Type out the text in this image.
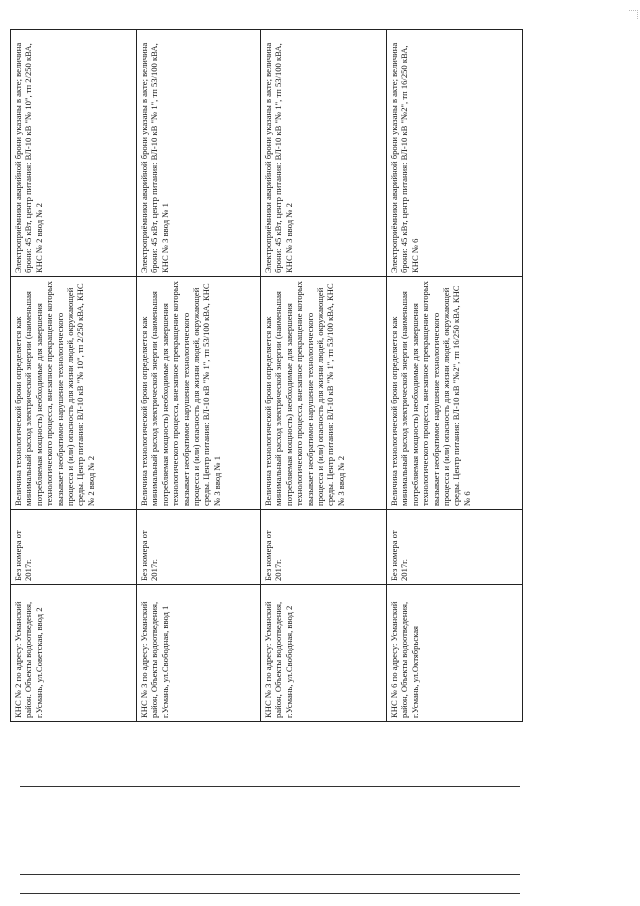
КНС № 2 по адресу: Усманский район. Объекты водоотведения, г.Усмань, ул.Советская, ввод 2	Без номера от 2017г.	Величина технологической брони определяется как минимальный расход электрической энергии (наименьшая потребляемая мощность) необходимые для завершения технологического процесса, внезапное прекращение которых вызывает необратимое нарушение технологического процесса и (или) опасность для жизни людей, окружающей среды. Центр питания: ВЛ-10 кВ "№ 10", тп 2/250 кВА, КНС № 2 ввод № 2	Электроприёмники аварийной брони указаны в акте; величина брони: 45 кВт, центр питания: ВЛ-10 кВ "№ 10", тп 2/250 кВА, КНС № 2 ввод № 2
КНС № 3 по адресу: Усманский район, Объекты водоотведения, г.Усмань, ул.Свободная, ввод 1	Без номера от 2017г.	Величина технологической брони определяется как минимальный расход электрической энергии (наименьшая потребляемая мощность) необходимые для завершения технологического процесса, внезапное прекращение которых вызывает необратимое нарушение технологического процесса и (или) опасность для жизни людей, окружающей среды. Центр питания: ВЛ-10 кВ "№ 1", тп 53/100 кВА, КНС № 3 ввод № 1	Электроприёмники аварийной брони указаны в акте; величина брони: 45 кВт, центр питания: ВЛ-10 кВ "№ 1", тп 53/100 кВА, КНС № 3 ввод № 1
КНС № 3 по адресу: Усманский район, Объекты водоотведения, г.Усмань, ул.Свободная, ввод 2	Без номера от 2017г.	Величина технологической брони определяется как минимальный расход электрической энергии (наименьшая потребляемая мощность) необходимые для завершения технологического процесса, внезапное прекращение которых вызывает необратимое нарушение технологического процесса и (или) опасность для жизни людей, окружающей среды. Центр питания: ВЛ-10 кВ "№ 1", тп 53/100 кВА, КНС № 3 ввод № 2	Электроприёмники аварийной брони указаны в акте; величина брони: 45 кВт, центр питания: ВЛ-10 кВ "№ 1", тп 53/100 кВА, КНС № 3 ввод № 2
КНС № 6 по адресу: Усманский район, Объекты водоотведения, г.Усмань, ул.Октябрьская	Без номера от 2017г.	Величина технологической брони определяется как минимальный расход электрической энергии (наименьшая потребляемая мощность) необходимые для завершения технологического процесса, внезапное прекращение которых вызывает необратимое нарушение технологического процесса и (или) опасность для жизни людей, окружающей среды. Центр питания: ВЛ-10 кВ "№2", тп 16/250 кВА, КНС № 6	Электроприёмники аварийной брони указаны в акте; величина брони: 45 кВт, центр питания: ВЛ-10 кВ "№2", тп 16/250 кВА, КНС № 6
